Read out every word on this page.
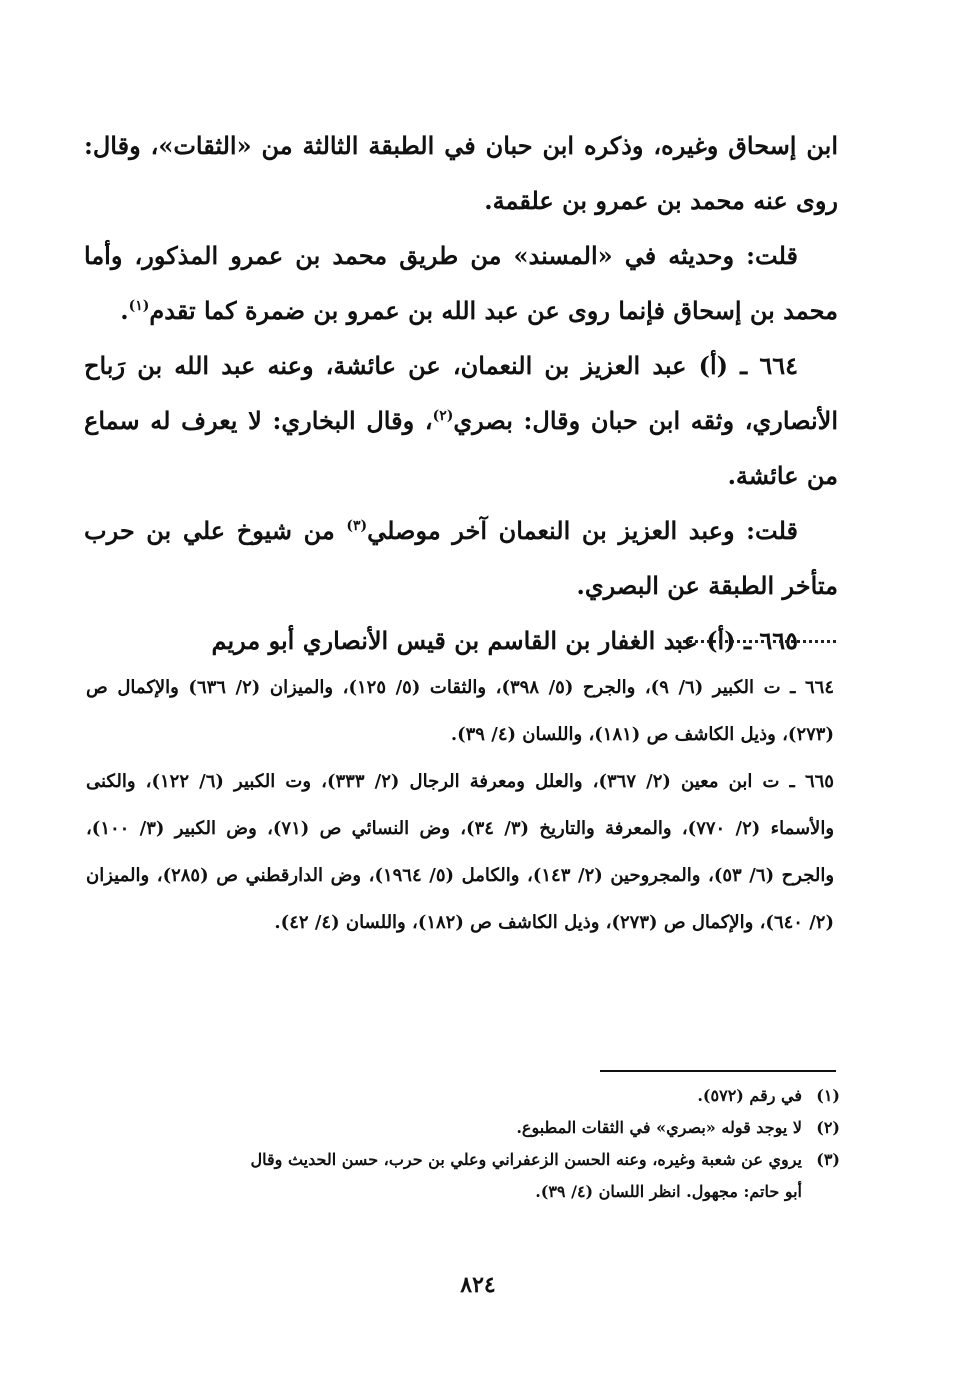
ابن إسحاق وغيره، وذكره ابن حبان في الطبقة الثالثة من «الثقات»، وقال: روى عنه محمد بن عمرو بن علقمة.

قلت: وحديثه في «المسند» من طريق محمد بن عمرو المذكور، وأما محمد بن إسحاق فإنما روى عن عبد الله بن عمرو بن ضمرة كما تقدم$^{(١)}$.

٦٦٤ ـ (أ) عبد العزيز بن النعمان، عن عائشة، وعنه عبد الله بن رَباح الأنصاري، وثقه ابن حبان وقال: بصري$^{(٢)}$، وقال البخاري: لا يعرف له سماع من عائشة.

قلت: وعبد العزيز بن النعمان آخر موصلي$^{(٣)}$ من شيوخ علي بن حرب متأخر الطبقة عن البصري.

٦٦٥ ـ (أ) عبد الغفار بن القاسم بن قيس الأنصاري أبو مريم

٦٦٤ ـ ت الكبير (٦/ ٩)، والجرح (٥/ ٣٩٨)، والثقات (٥/ ١٢٥)، والميزان (٢/ ٦٣٦) والإكمال ص (٢٧٣)، وذيل الكاشف ص (١٨١)، واللسان (٤/ ٣٩).

٦٦٥ ـ ت ابن معين (٢/ ٣٦٧)، والعلل ومعرفة الرجال (٢/ ٣٣٣)، وت الكبير (٦/ ١٢٢)، والكنى والأسماء (٢/ ٧٧٠)، والمعرفة والتاريخ (٣/ ٣٤)، وض النسائي ص (٧١)، وض الكبير (٣/ ١٠٠)، والجرح (٦/ ٥٣)، والمجروحين (٢/ ١٤٣)، والكامل (٥/ ١٩٦٤)، وض الدارقطني ص (٢٨٥)، والميزان (٢/ ٦٤٠)، والإكمال ص (٢٧٣)، وذيل الكاشف ص (١٨٢)، واللسان (٤/ ٤٢).

(١)في رقم (٥٧٢).

(٢)لا يوجد قوله «بصري» في الثقات المطبوع.

(٣)يروي عن شعبة وغيره، وعنه الحسن الزعفراني وعلي بن حرب، حسن الحديث وقال

أبو حاتم: مجهول. انظر اللسان (٤/ ٣٩).

٨٢٤
